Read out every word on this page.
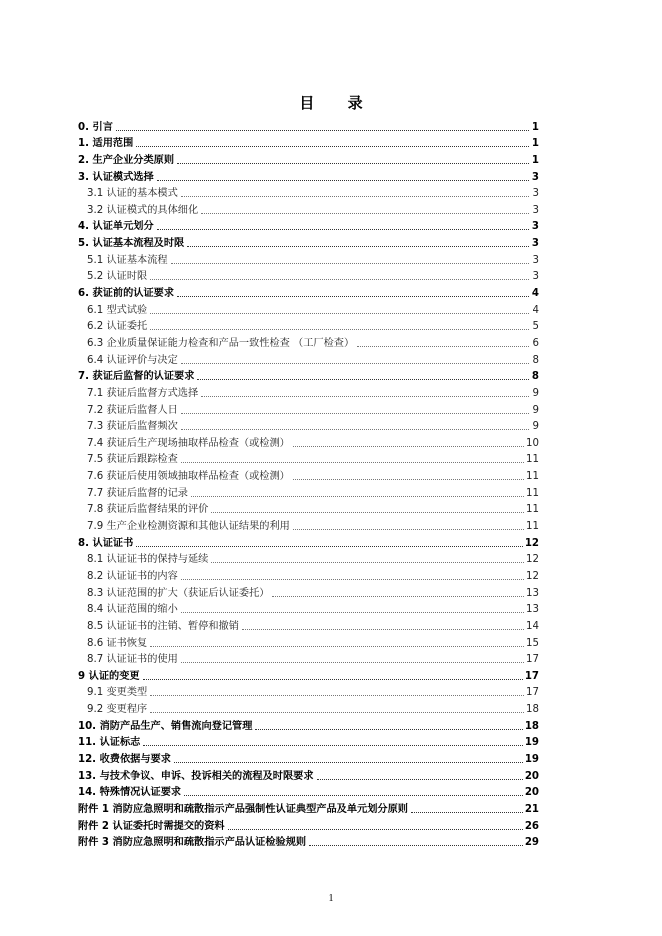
目 录
0. 引言	1
1. 适用范围	1
2. 生产企业分类原则	1
3. 认证模式选择	3
3.1 认证的基本模式	3
3.2 认证模式的具体细化	3
4. 认证单元划分	3
5. 认证基本流程及时限	3
5.1 认证基本流程	3
5.2 认证时限	3
6. 获证前的认证要求	4
6.1 型式试验	4
6.2 认证委托	5
6.3 企业质量保证能力检查和产品一致性检查 （工厂检查）	6
6.4 认证评价与决定	8
7. 获证后监督的认证要求	8
7.1 获证后监督方式选择	9
7.2 获证后监督人日	9
7.3 获证后监督频次	9
7.4 获证后生产现场抽取样品检查（或检测）	10
7.5 获证后跟踪检查	11
7.6 获证后使用领域抽取样品检查（或检测）	11
7.7 获证后监督的记录	11
7.8 获证后监督结果的评价	11
7.9 生产企业检测资源和其他认证结果的利用	11
8. 认证证书	12
8.1 认证证书的保持与延续	12
8.2 认证证书的内容	12
8.3 认证范围的扩大（获证后认证委托）	13
8.4 认证范围的缩小	13
8.5 认证证书的注销、暂停和撤销	14
8.6 证书恢复	15
8.7 认证证书的使用	17
9 认证的变更	17
9.1 变更类型	17
9.2 变更程序	18
10. 消防产品生产、销售流向登记管理	18
11. 认证标志	19
12. 收费依据与要求	19
13. 与技术争议、申诉、投诉相关的流程及时限要求	20
14. 特殊情况认证要求	20
附件 1 消防应急照明和疏散指示产品强制性认证典型产品及单元划分原则	21
附件 2 认证委托时需提交的资料	26
附件 3 消防应急照明和疏散指示产品认证检验规则	29
1
